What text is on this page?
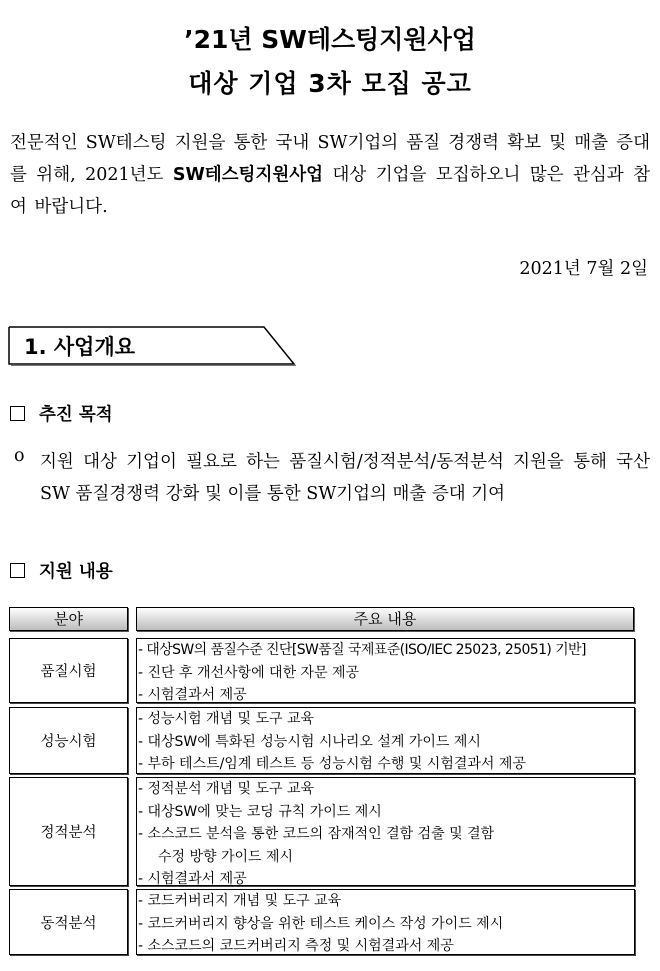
’21년 SW테스팅지원사업
대상 기업 3차 모집 공고
전문적인 SW테스팅 지원을 통한 국내 SW기업의 품질 경쟁력 확보 및 매출 증대를 위해, 2021년도 SW테스팅지원사업 대상 기업을 모집하오니 많은 관심과 참여 바랍니다.
2021년 7월 2일
1. 사업개요
추진 목적
o 지원 대상 기업이 필요로 하는 품질시험/정적분석/동적분석 지원을 통해 국산SW 품질경쟁력 강화 및 이를 통한 SW기업의 매출 증대 기여
지원 내용
분야	주요 내용
품질시험
- 대상SW의 품질수준 진단[SW품질 국제표준(ISO/IEC 25023, 25051) 기반]
- 진단 후 개선사항에 대한 자문 제공
- 시험결과서 제공
성능시험
- 성능시험 개념 및 도구 교육
- 대상SW에 특화된 성능시험 시나리오 설계 가이드 제시
- 부하 테스트/임계 테스트 등 성능시험 수행 및 시험결과서 제공
정적분석
- 정적분석 개념 및 도구 교육
- 대상SW에 맞는 코딩 규칙 가이드 제시
- 소스코드 분석을 통한 코드의 잠재적인 결함 검출 및 결함
수정 방향 가이드 제시
- 시험결과서 제공
동적분석
- 코드커버리지 개념 및 도구 교육
- 코드커버리지 향상을 위한 테스트 케이스 작성 가이드 제시
- 소스코드의 코드커버리지 측정 및 시험결과서 제공
